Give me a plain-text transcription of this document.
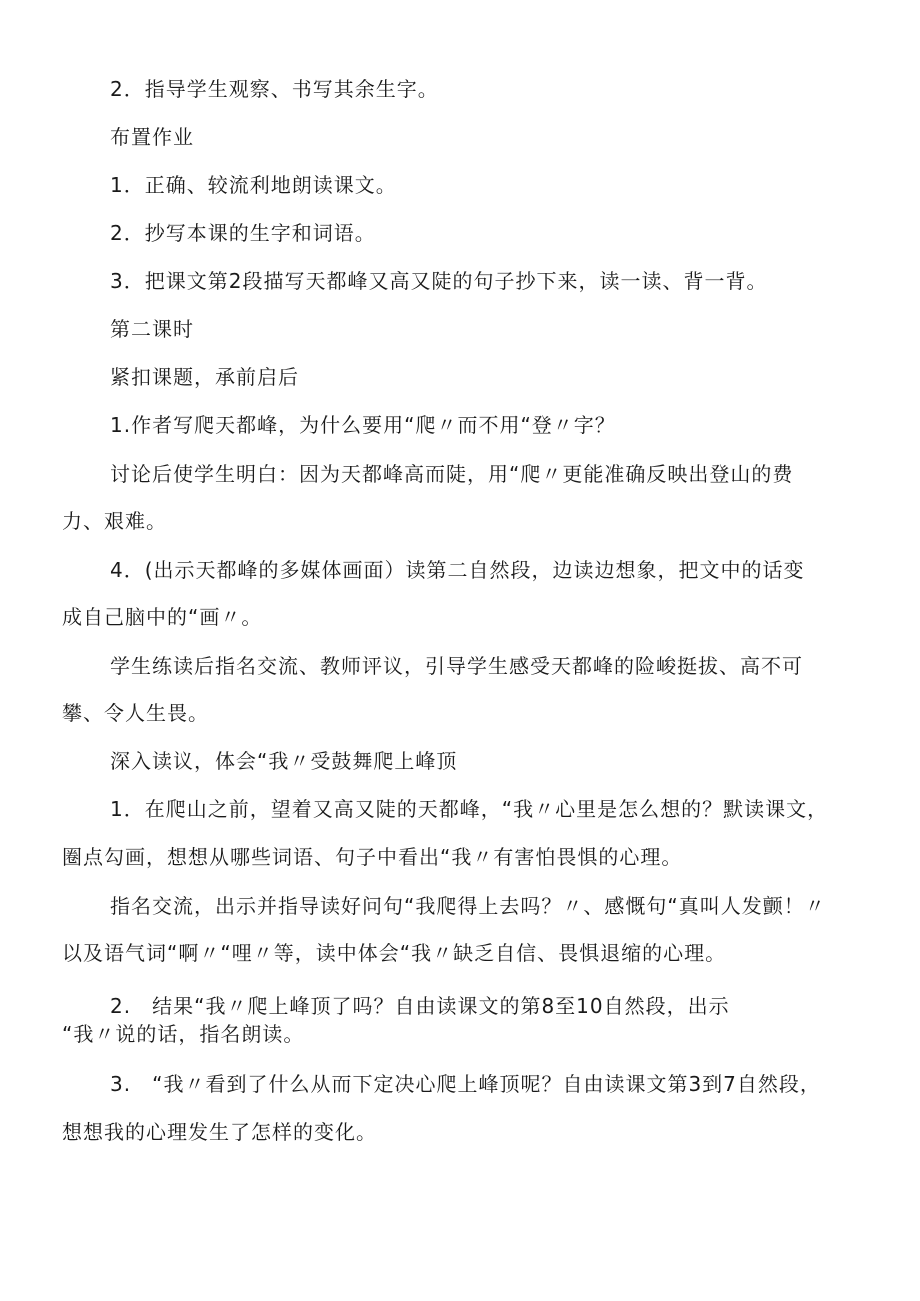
2．指导学生观察、书写其余生字。
布置作业
1．正确、较流利地朗读课文。
2．抄写本课的生字和词语。
3．把课文第2段描写天都峰又高又陡的句子抄下来，读一读、背一背。
第二课时
紧扣课题，承前启后
1.作者写爬天都峰，为什么要用“爬〃而不用“登〃字？
讨论后使学生明白：因为天都峰高而陡，用“爬〃更能准确反映出登山的费
力、艰难。
4．(出示天都峰的多媒体画面）读第二自然段，边读边想象，把文中的话变
成自己脑中的“画〃。
学生练读后指名交流、教师评议，引导学生感受天都峰的险峻挺拔、高不可
攀、令人生畏。
深入读议，体会“我〃受鼓舞爬上峰顶
1．在爬山之前，望着又高又陡的天都峰，“我〃心里是怎么想的？默读课文，
圈点勾画，想想从哪些词语、句子中看出“我〃有害怕畏惧的心理。
指名交流，出示并指导读好问句“我爬得上去吗？〃、感慨句“真叫人发颤！〃
以及语气词“啊〃“哩〃等，读中体会“我〃缺乏自信、畏惧退缩的心理。
2.　结果“我〃爬上峰顶了吗？自由读课文的第8至10自然段，出示
“我〃说的话，指名朗读。
3.　“我〃看到了什么从而下定决心爬上峰顶呢？自由读课文第3到7自然段，
想想我的心理发生了怎样的变化。
